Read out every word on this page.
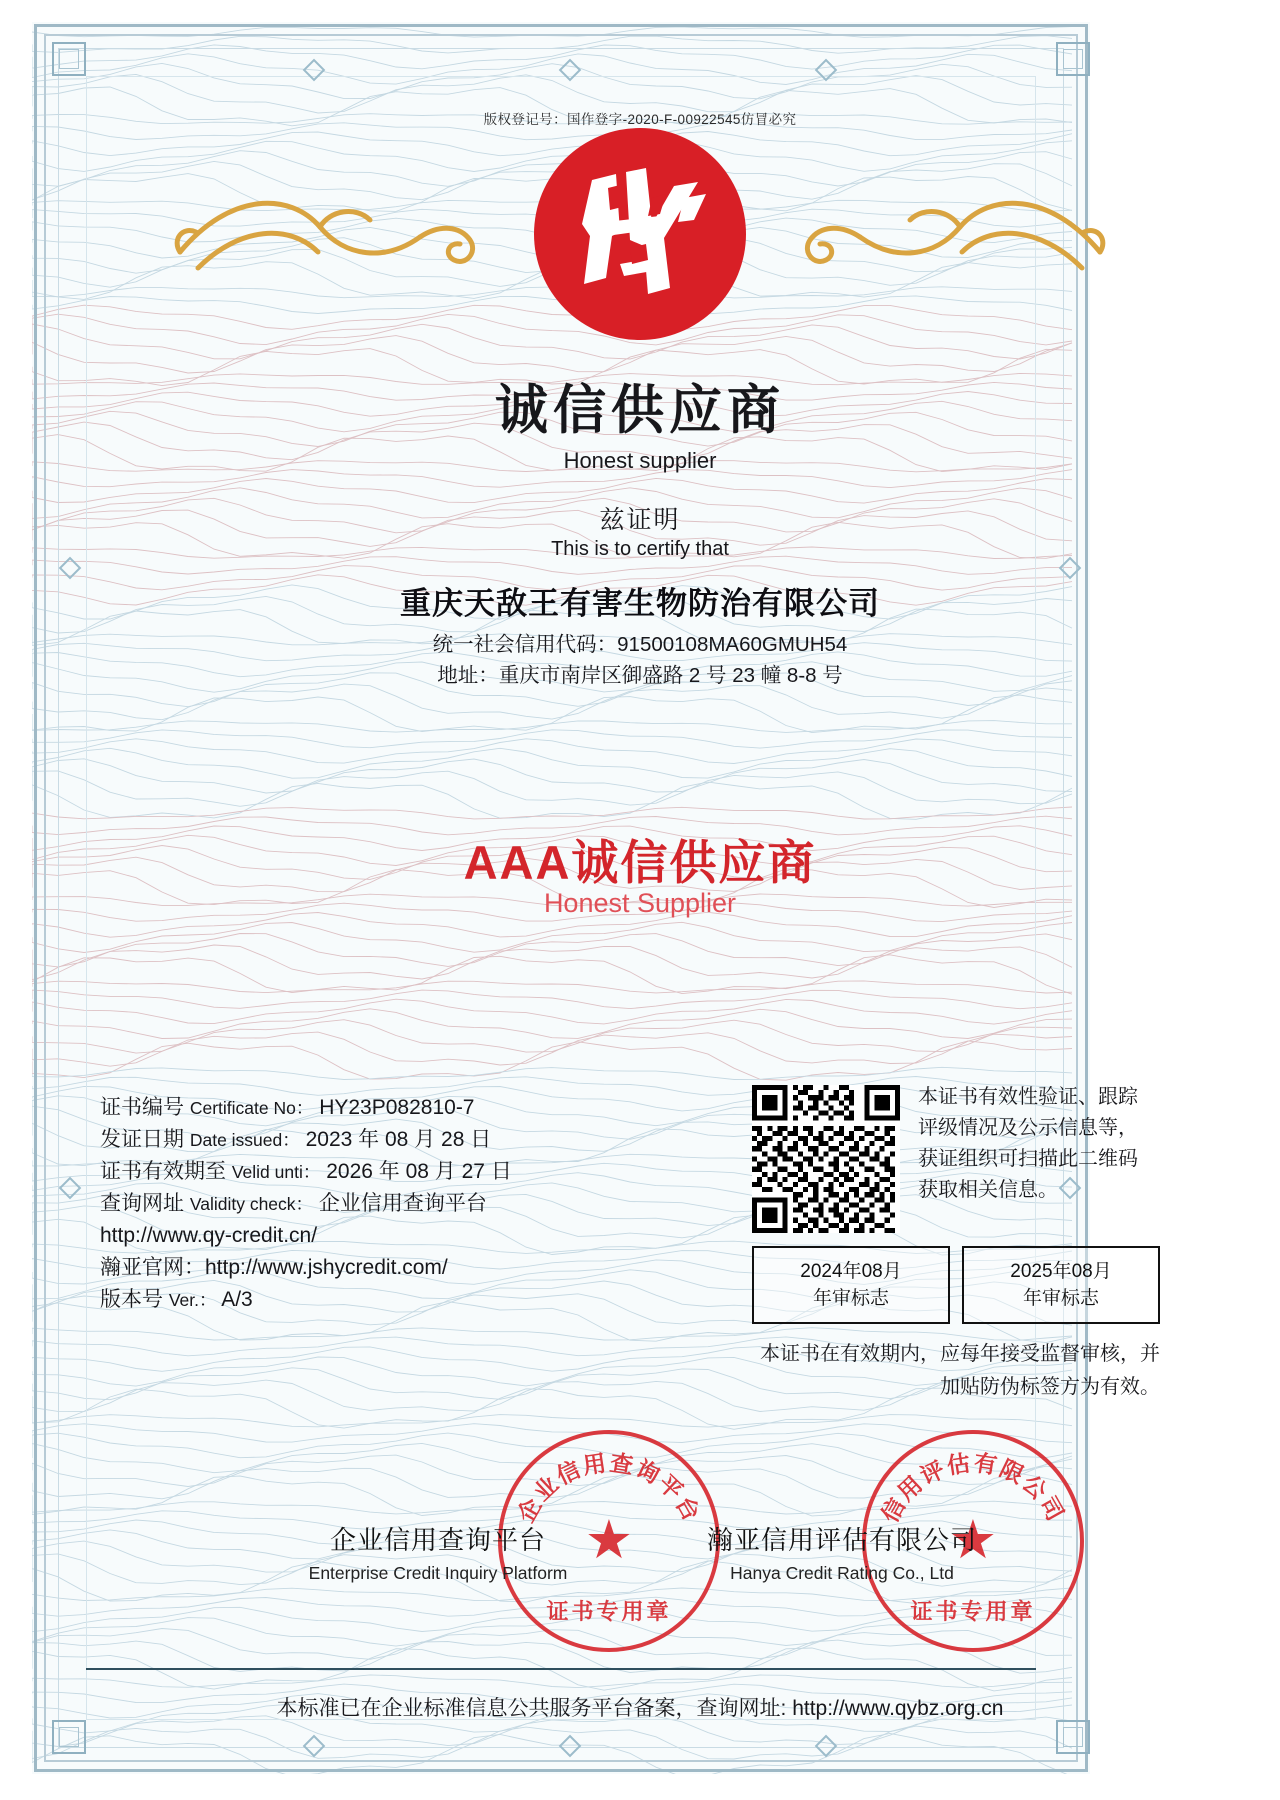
版权登记号：国作登字-2020-F-00922545仿冒必究
诚信供应商
Honest supplier
兹证明
This is to certify that
重庆天敌王有害生物防治有限公司
统一社会信用代码：91500108MA60GMUH54
地址：重庆市南岸区御盛路 2 号 23 幢 8-8 号
AAA诚信供应商
Honest Supplier
证书编号 Certificate No： HY23P082810-7
发证日期 Date issued： 2023 年 08 月 28 日
证书有效期至 Velid unti： 2026 年 08 月 27 日
查询网址 Validity check： 企业信用查询平台
http://www.qy-credit.cn/
瀚亚官网：http://www.jshycredit.com/
版本号 Ver.： A/3
本证书有效性验证、跟踪评级情况及公示信息等，获证组织可扫描此二维码获取相关信息。
2024年08月
年审标志
2025年08月
年审标志
本证书在有效期内，应每年接受监督审核，并加贴防伪标签方为有效。
企业信用查询平台
★
证书专用章
信用评估有限公司
★
证书专用章
企业信用查询平台
Enterprise Credit Inquiry Platform
瀚亚信用评估有限公司
Hanya Credit Rating Co., Ltd
本标准已在企业标准信息公共服务平台备案，查询网址: http://www.qybz.org.cn
